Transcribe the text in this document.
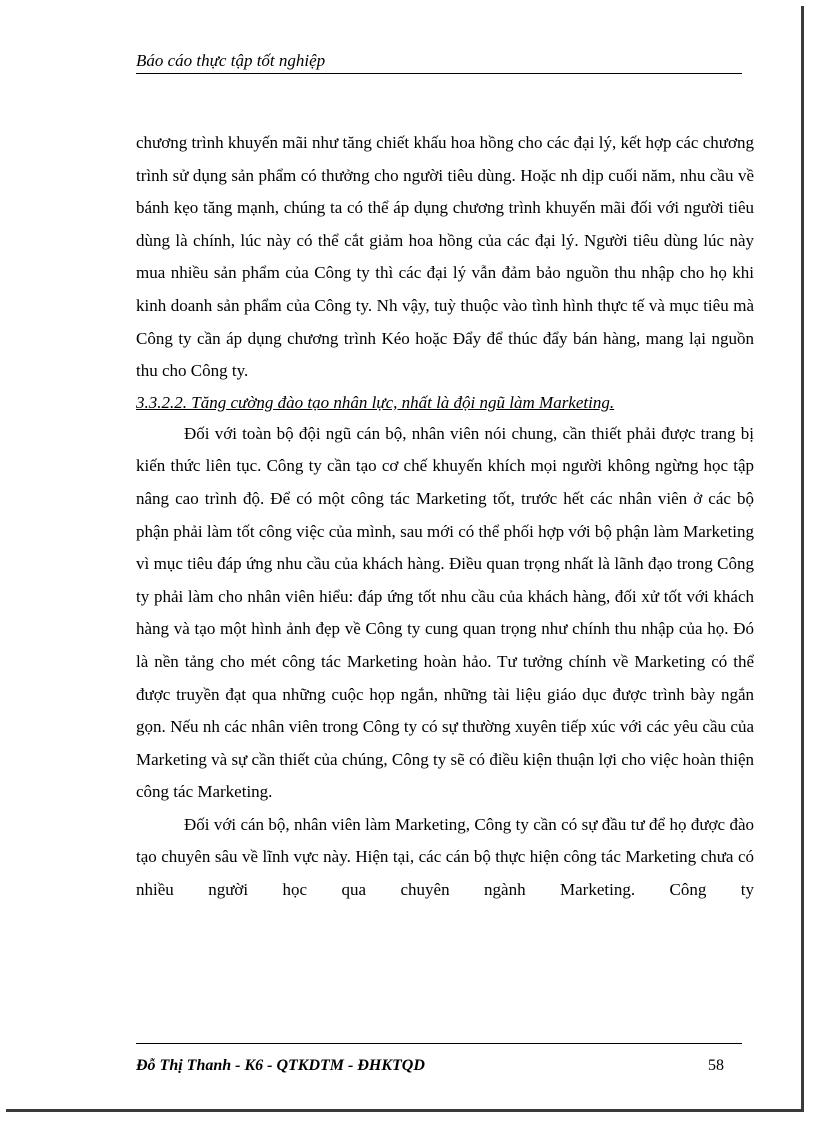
Báo cáo thực tập tốt nghiệp

chương trình khuyến mãi như tăng chiết khấu hoa hồng cho các đại lý, kết hợp các chương trình sử dụng sản phẩm có thưởng cho người tiêu dùng. Hoặc nh dịp cuối năm, nhu cầu về bánh kẹo tăng mạnh, chúng ta có thể áp dụng chương trình khuyến mãi đối với người tiêu dùng là chính, lúc này có thể cắt giảm hoa hồng của các đại lý. Người tiêu dùng lúc này mua nhiều sản phẩm của Công ty thì các đại lý vẫn đảm bảo nguồn thu nhập cho họ khi kinh doanh sản phẩm của Công ty. Nh vậy, tuỳ thuộc vào tình hình thực tế và mục tiêu mà Công ty cần áp dụng chương trình Kéo hoặc Đẩy để thúc đẩy bán hàng, mang lại nguồn thu cho Công ty.

3.3.2.2. Tăng cường đào tạo nhân lực, nhất là đội ngũ làm Marketing.

Đối với toàn bộ đội ngũ cán bộ, nhân viên nói chung, cần thiết phải được trang bị kiến thức liên tục. Công ty cần tạo cơ chế khuyến khích mọi người không ngừng học tập nâng cao trình độ. Để có một công tác Marketing tốt, trước hết các nhân viên ở các bộ phận phải làm tốt công việc của mình, sau mới có thể phối hợp với bộ phận làm Marketing vì mục tiêu đáp ứng nhu cầu của khách hàng. Điều quan trọng nhất là lãnh đạo trong Công ty phải làm cho nhân viên hiểu: đáp ứng tốt nhu cầu của khách hàng, đối xử tốt với khách hàng và tạo một hình ảnh đẹp về Công ty cung quan trọng như chính thu nhập của họ. Đó là nền tảng cho mét công tác Marketing hoàn hảo. Tư tưởng chính về Marketing có thể được truyền đạt qua những cuộc họp ngắn, những tài liệu giáo dục được trình bày ngắn gọn. Nếu nh các nhân viên trong Công ty có sự thường xuyên tiếp xúc với các yêu cầu của Marketing và sự cần thiết của chúng, Công ty sẽ có điều kiện thuận lợi cho việc hoàn thiện công tác Marketing.

Đối với cán bộ, nhân viên làm Marketing, Công ty cần có sự đầu tư để họ được đào tạo chuyên sâu về lĩnh vực này. Hiện tại, các cán bộ thực hiện công tác Marketing chưa có nhiều người học qua chuyên ngành Marketing. Công ty

Đỗ Thị Thanh - K6 - QTKDTM - ĐHKTQD	58
